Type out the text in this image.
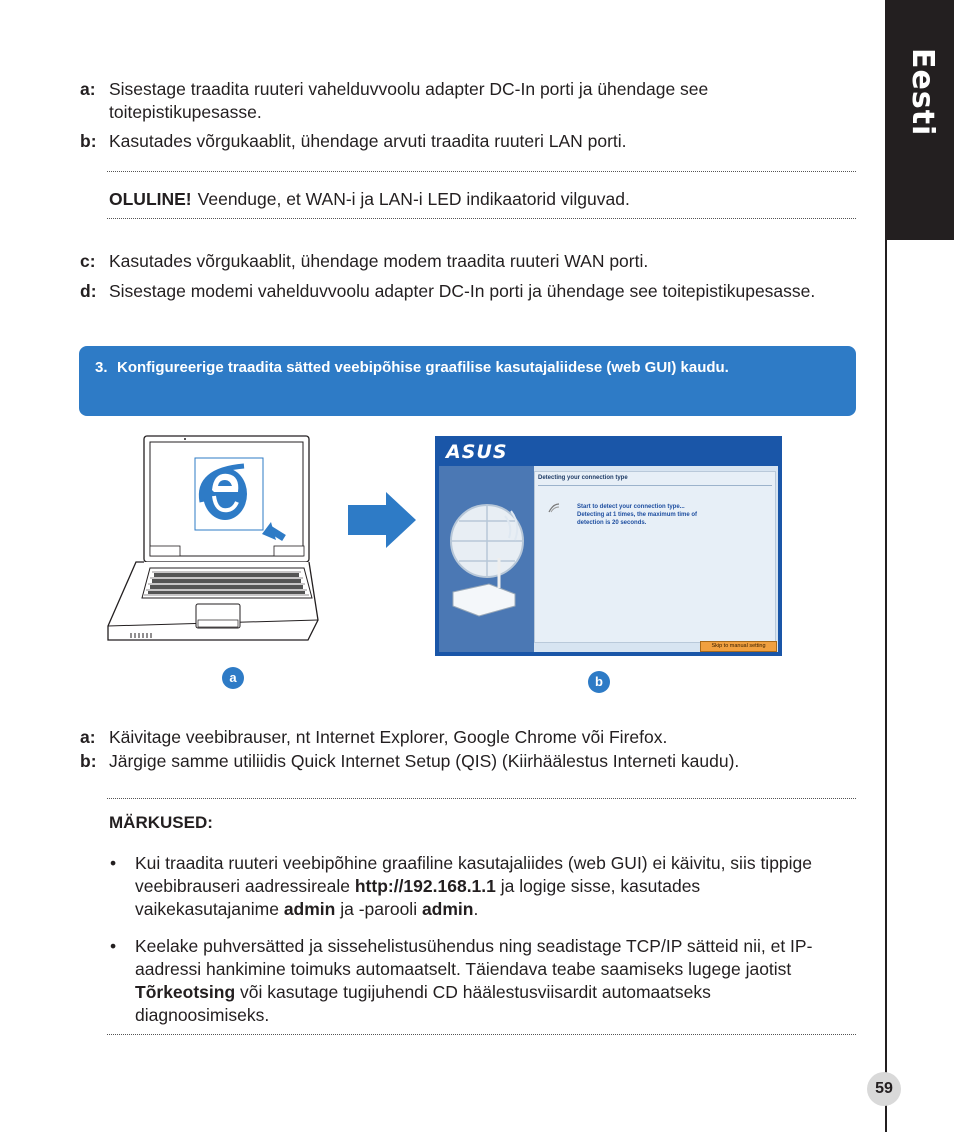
Eesti
a: Sisestage traadita ruuteri vahelduvvoolu adapter DC-In porti ja ühendage see toitepistikupesasse.
b: Kasutades võrgukaablit, ühendage arvuti traadita ruuteri LAN porti.
OLULINE! Veenduge, et WAN-i ja LAN-i LED indikaatorid vilguvad.
c: Kasutades võrgukaablit, ühendage modem traadita ruuteri WAN porti.
d: Sisestage modemi vahelduvvoolu adapter DC-In porti ja ühendage see toitepistikupesasse.
3. Konfigureerige traadita sätted veebipõhise graafilise kasutajaliidese (web GUI) kaudu.
ASUS
Detecting your connection type
Start to detect your connection type...
Detecting at 1 times, the maximum time of
detection is 20 seconds.
Skip to manual setting
a	b
a: Käivitage veebibrauser, nt Internet Explorer, Google Chrome või Firefox.
b: Järgige samme utiliidis Quick Internet Setup (QIS) (Kiirhäälestus Interneti kaudu).
MÄRKUSED:
• Kui traadita ruuteri veebipõhine graafiline kasutajaliides (web GUI) ei käivitu, siis tippige veebibrauseri aadressireale http://192.168.1.1 ja logige sisse, kasutades vaikekasutajanime admin ja -parooli admin.
• Keelake puhversätted ja sissehelistusühendus ning seadistage TCP/IP sätteid nii, et IP-aadressi hankimine toimuks automaatselt. Täiendava teabe saamiseks lugege jaotist Tõrkeotsing või kasutage tugijuhendi CD häälestusviisardit automaatseks diagnoosimiseks.
59
